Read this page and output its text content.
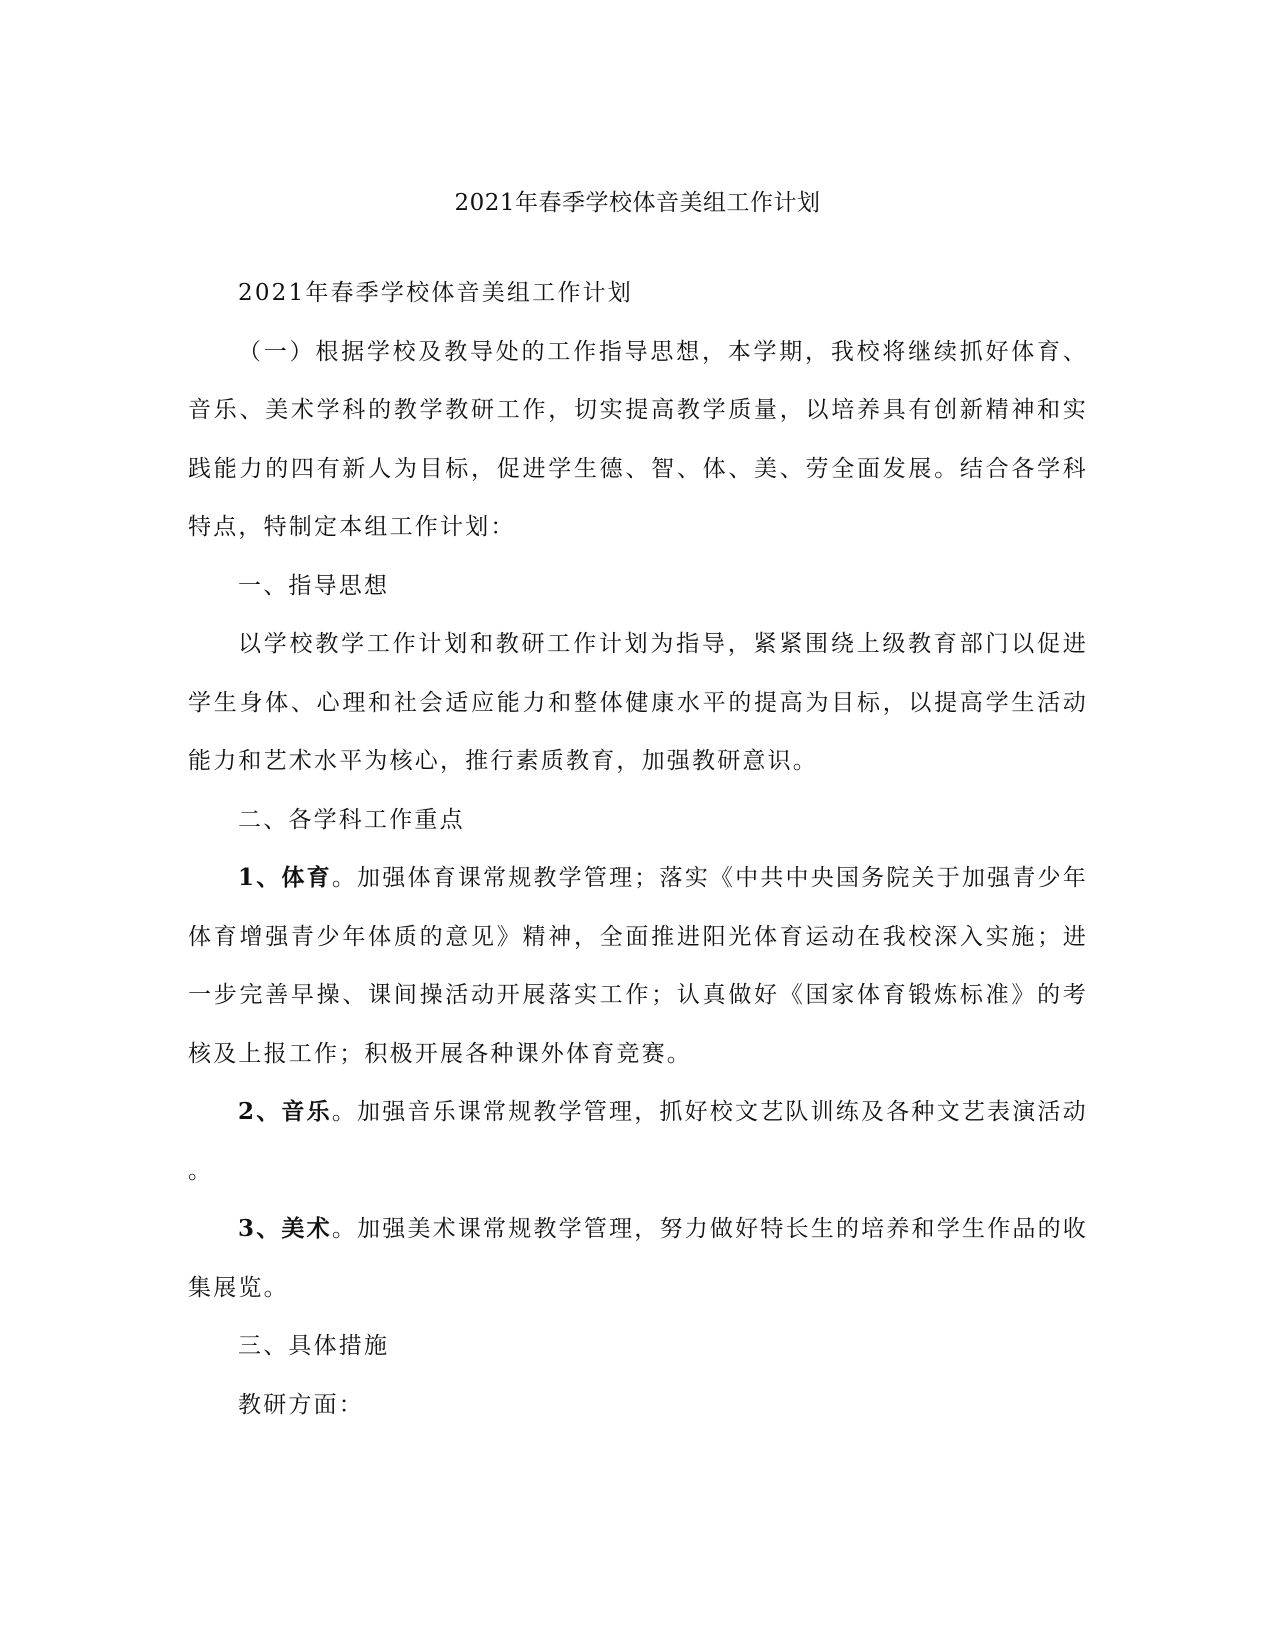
2021年春季学校体音美组工作计划

2021年春季学校体音美组工作计划

（一）根据学校及教导处的工作指导思想，本学期，我校将继续抓好体育、音乐、美术学科的教学教研工作，切实提高教学质量，以培养具有创新精神和实践能力的四有新人为目标，促进学生德、智、体、美、劳全面发展。结合各学科特点，特制定本组工作计划：

一、指导思想

以学校教学工作计划和教研工作计划为指导，紧紧围绕上级教育部门以促进学生身体、心理和社会适应能力和整体健康水平的提高为目标，以提高学生活动能力和艺术水平为核心，推行素质教育，加强教研意识。

二、各学科工作重点

1、体育。加强体育课常规教学管理；落实《中共中央国务院关于加强青少年体育增强青少年体质的意见》精神，全面推进阳光体育运动在我校深入实施；进一步完善早操、课间操活动开展落实工作；认真做好《国家体育锻炼标准》的考核及上报工作；积极开展各种课外体育竞赛。

2、音乐。加强音乐课常规教学管理，抓好校文艺队训练及各种文艺表演活动
。

3、美术。加强美术课常规教学管理，努力做好特长生的培养和学生作品的收集展览。

三、具体措施

教研方面：
